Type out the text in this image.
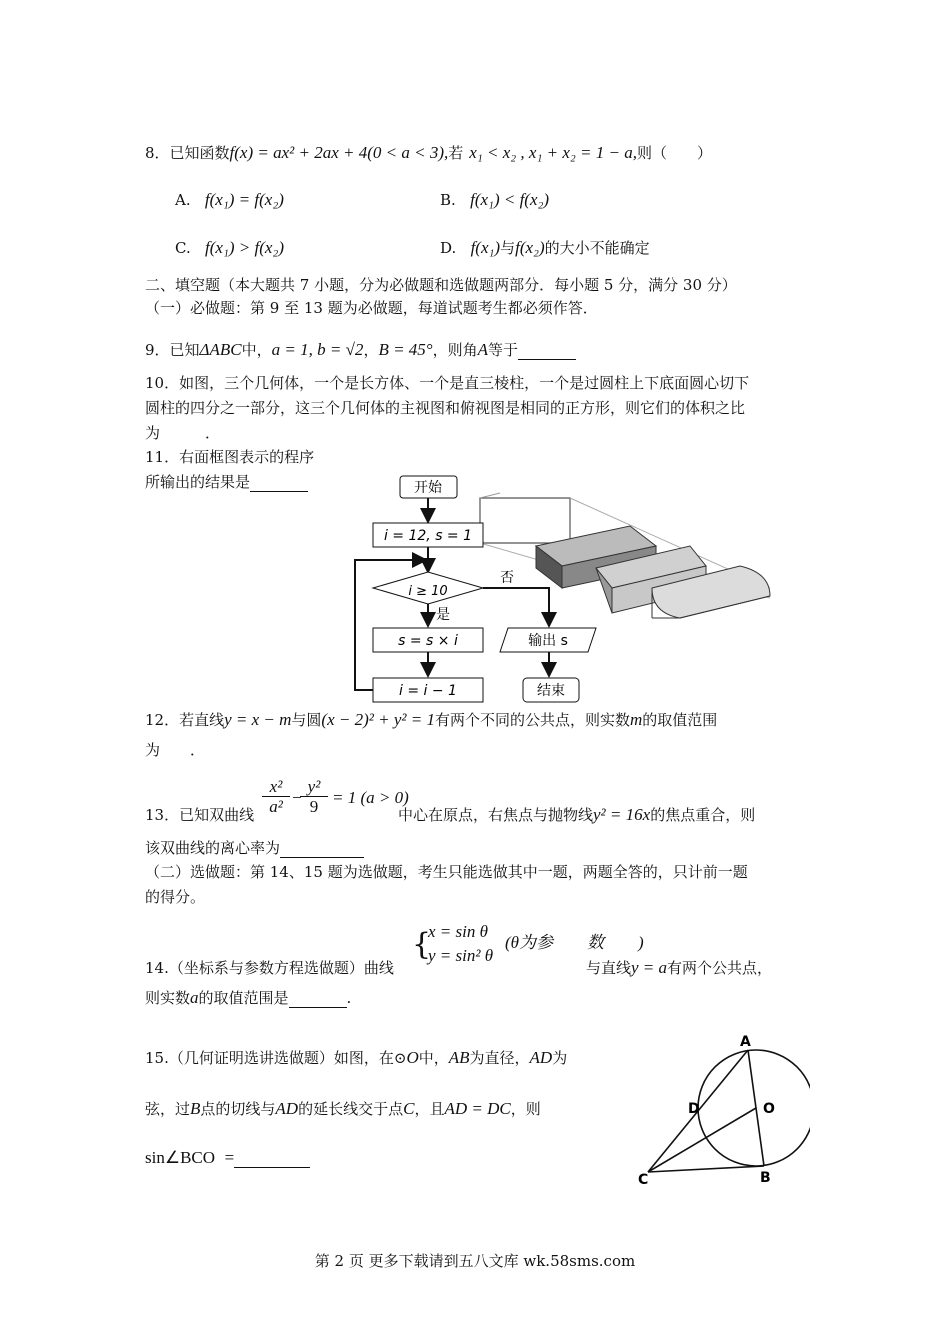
8．已知函数f(x) = ax² + 2ax + 4(0 < a < 3),若 x₁ < x₂ , x₁ + x₂ = 1 − a,则（　　）
A. f(x₁) = f(x₂)	B. f(x₁) < f(x₂)
C. f(x₁) > f(x₂)	D. f(x₁)与f(x₂)的大小不能确定
二、填空题（本大题共 7 小题，分为必做题和选做题两部分．每小题 5 分，满分 30 分）
（一）必做题：第 9 至 13 题为必做题，每道试题考生都必须作答．
9．已知ΔABC中，a = 1, b = √2，B = 45°，则角A等于
10．如图，三个几何体，一个是长方体、一个是直三棱柱，一个是过圆柱上下底面圆心切下
圆柱的四分之一部分，这三个几何体的主视图和俯视图是相同的正方形，则它们的体积之比
为　　　．
11．右面框图表示的程序
所输出的结果是	开始
i = 12, s = 1
i ≥ 10
否
是
s = s × i	输出 s
i = i − 1	结束
12．若直线y = x − m与圆(x − 2)² + y² = 1有两个不同的公共点，则实数m的取值范围
为　　．
13．已知双曲线
x²
a² −
y²
9 = 1 (a > 0)
中心在原点，右焦点与抛物线y² = 16x的焦点重合，则
该双曲线的离心率为
（二）选做题：第 14、15 题为选做题，考生只能选做其中一题，两题全答的，只计前一题
的得分。
{
x = sin θ
y = sin² θ
(θ为参　　数　　)
14.（坐标系与参数方程选做题）曲线	与直线y = a有两个公共点，
则实数a的取值范围是	.
15.（几何证明选讲选做题）如图，在⊙O中，AB为直径，AD为
弦，过B点的切线与AD的延长线交于点C，且AD = DC，则
sin∠BCO =
A
B
C
D	O
第 2 页 更多下载请到五八文库 wk.58sms.com
